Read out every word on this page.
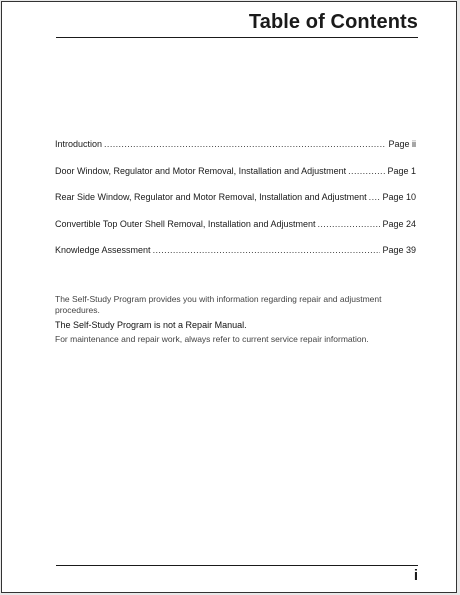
Table of Contents
Introduction .....	Page ii
Door Window, Regulator and Motor Removal, Installation and Adjustment .....	Page 1
Rear Side Window, Regulator and Motor Removal, Installation and Adjustment ..... Page 10
Convertible Top Outer Shell Removal, Installation and Adjustment .....	Page 24
Knowledge Assessment .....	Page 39

The Self-Study Program provides you with information regarding repair and adjustment procedures.

The Self-Study Program is not a Repair Manual.

For maintenance and repair work, always refer to current service repair information.

i
